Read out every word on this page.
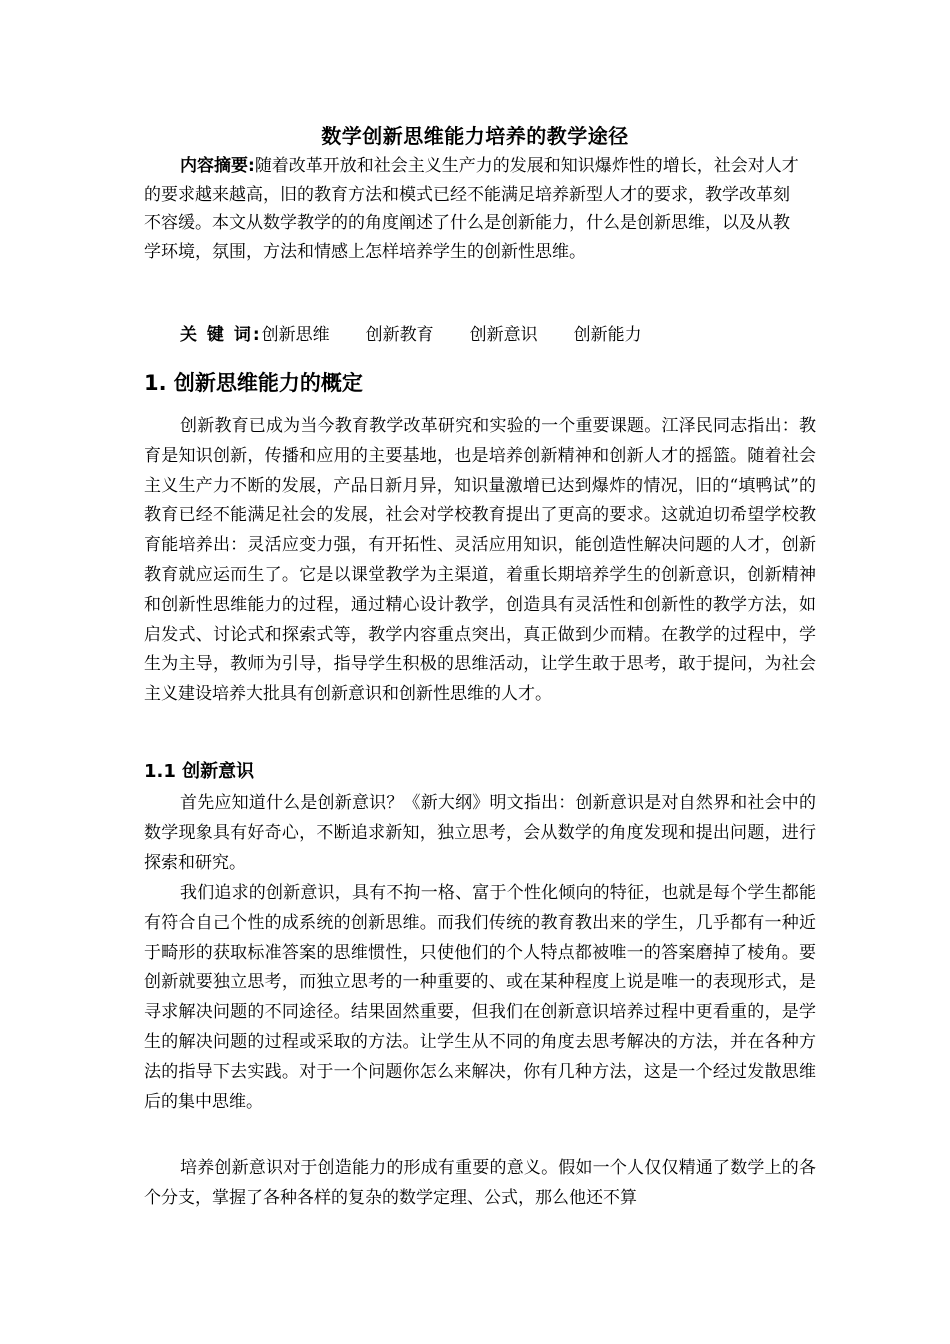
数学创新思维能力培养的教学途径

内容摘要:随着改革开放和社会主义生产力的发展和知识爆炸性的增长，社会对人才的要求越来越高，旧的教育方法和模式已经不能满足培养新型人才的要求，教学改革刻不容缓。本文从数学教学的的角度阐述了什么是创新能力，什么是创新思维，以及从教学环境，氛围，方法和情感上怎样培养学生的创新性思维。

关 键 词:创新思维 创新教育 创新意识 创新能力
1. 创新思维能力的概定

创新教育已成为当今教育教学改革研究和实验的一个重要课题。江泽民同志指出：教育是知识创新，传播和应用的主要基地，也是培养创新精神和创新人才的摇篮。随着社会主义生产力不断的发展，产品日新月异，知识量激增已达到爆炸的情况，旧的“填鸭试”的教育已经不能满足社会的发展，社会对学校教育提出了更高的要求。这就迫切希望学校教育能培养出：灵活应变力强，有开拓性、灵活应用知识，能创造性解决问题的人才，创新教育就应运而生了。它是以课堂教学为主渠道，着重长期培养学生的创新意识，创新精神和创新性思维能力的过程，通过精心设计教学，创造具有灵活性和创新性的教学方法，如启发式、讨论式和探索式等，教学内容重点突出，真正做到少而精。在教学的过程中，学生为主导，教师为引导，指导学生积极的思维活动，让学生敢于思考，敢于提问，为社会主义建设培养大批具有创新意识和创新性思维的人才。

1.1 创新意识

首先应知道什么是创新意识？《新大纲》明文指出：创新意识是对自然界和社会中的数学现象具有好奇心，不断追求新知，独立思考，会从数学的角度发现和提出问题，进行探索和研究。

我们追求的创新意识，具有不拘一格、富于个性化倾向的特征，也就是每个学生都能有符合自己个性的成系统的创新思维。而我们传统的教育教出来的学生，几乎都有一种近于畸形的获取标准答案的思维惯性，只使他们的个人特点都被唯一的答案磨掉了棱角。要创新就要独立思考，而独立思考的一种重要的、或在某种程度上说是唯一的表现形式，是寻求解决问题的不同途径。结果固然重要，但我们在创新意识培养过程中更看重的，是学生的解决问题的过程或采取的方法。让学生从不同的角度去思考解决的方法，并在各种方法的指导下去实践。对于一个问题你怎么来解决，你有几种方法，这是一个经过发散思维后的集中思维。

培养创新意识对于创造能力的形成有重要的意义。假如一个人仅仅精通了数学上的各个分支，掌握了各种各样的复杂的数学定理、公式，那么他还不算
